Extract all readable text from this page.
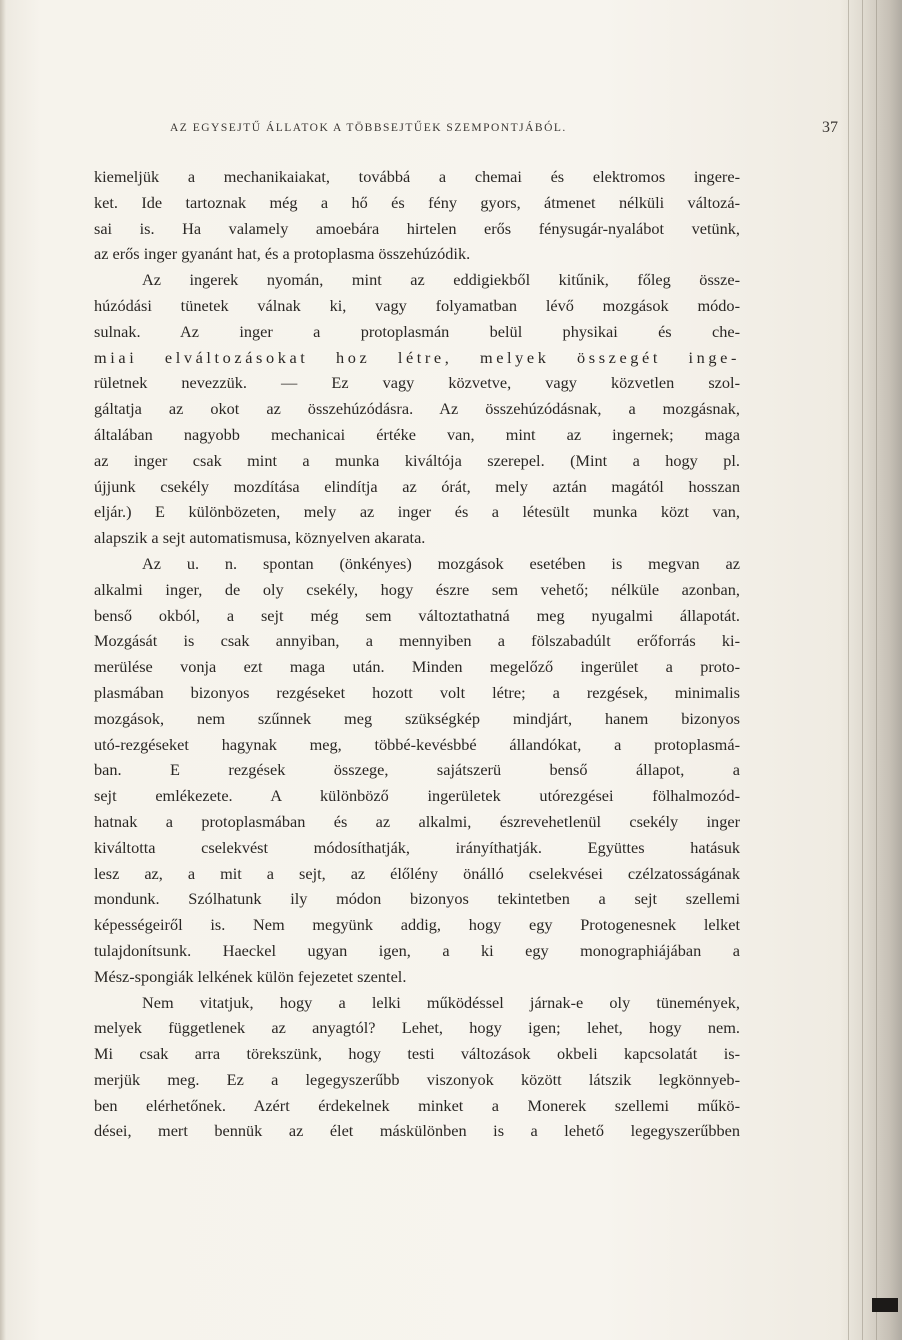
AZ EGYSEJTŰ ÁLLATOK A TÖBBSEJTŰEK SZEMPONTJÁBÓL.	37
kiemeljük a mechanikaiakat, továbbá a chemai és elektromos ingere-
ket. Ide tartoznak még a hő és fény gyors, átmenet nélküli változá-
sai is. Ha valamely amoebára hirtelen erős fénysugár-nyalábot vetünk,
az erős inger gyanánt hat, és a protoplasma összehúzódik.
Az ingerek nyomán, mint az eddigiekből kitűnik, főleg össze-
húzódási tünetek válnak ki, vagy folyamatban lévő mozgások módo-
sulnak. Az inger a protoplasmán belül physikai és che-
miai elváltozásokat hoz létre, melyek összegét inge-
rületnek nevezzük. — Ez vagy közvetve, vagy közvetlen szol-
gáltatja az okot az összehúzódásra. Az összehúzódásnak, a mozgásnak,
általában nagyobb mechanicai értéke van, mint az ingernek; maga
az inger csak mint a munka kiváltója szerepel. (Mint a hogy pl.
újjunk csekély mozdítása elindítja az órát, mely aztán magától hosszan
eljár.) E különbözeten, mely az inger és a létesült munka közt van,
alapszik a sejt automatismusa, köznyelven akarata.
Az u. n. spontan (önkényes) mozgások esetében is megvan az
alkalmi inger, de oly csekély, hogy észre sem vehető; nélküle azonban,
benső okból, a sejt még sem változtathatná meg nyugalmi állapotát.
Mozgását is csak annyiban, a mennyiben a fölszabadúlt erőforrás ki-
merülése vonja ezt maga után. Minden megelőző ingerület a proto-
plasmában bizonyos rezgéseket hozott volt létre; a rezgések, minimalis
mozgások, nem szűnnek meg szükségkép mindjárt, hanem bizonyos
utó-rezgéseket hagynak meg, többé-kevésbbé állandókat, a protoplasmá-
ban. E rezgések összege, sajátszerü benső állapot, a
sejt emlékezete. A különböző ingerületek utórezgései fölhalmozód-
hatnak a protoplasmában és az alkalmi, észrevehetlenül csekély inger
kiváltotta cselekvést módosíthatják, irányíthatják. Együttes hatásuk
lesz az, a mit a sejt, az élőlény önálló cselekvései czélzatosságának
mondunk. Szólhatunk ily módon bizonyos tekintetben a sejt szellemi
képességeiről is. Nem megyünk addig, hogy egy Protogenesnek lelket
tulajdonítsunk. Haeckel ugyan igen, a ki egy monographiájában a
Mész-spongiák lelkének külön fejezetet szentel.
Nem vitatjuk, hogy a lelki működéssel járnak-e oly tünemények,
melyek függetlenek az anyagtól? Lehet, hogy igen; lehet, hogy nem.
Mi csak arra törekszünk, hogy testi változások okbeli kapcsolatát is-
merjük meg. Ez a legegyszerűbb viszonyok között látszik legkönnyeb-
ben elérhetőnek. Azért érdekelnek minket a Monerek szellemi műkö-
dései, mert bennük az élet máskülönben is a lehető legegyszerűbben
